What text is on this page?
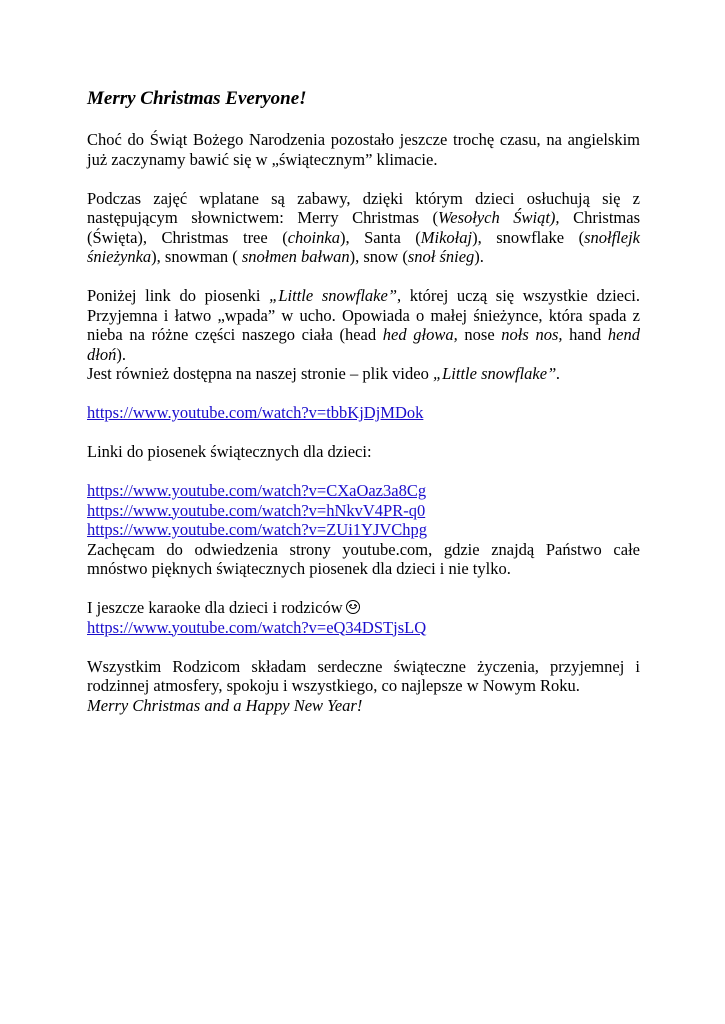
Merry Christmas Everyone!

Choć do Świąt Bożego Narodzenia pozostało jeszcze trochę czasu, na angielskim już zaczynamy bawić się w „świątecznym” klimacie.

Podczas zajęć wplatane są zabawy, dzięki którym dzieci osłuchują się z następującym słownictwem: Merry Christmas (Wesołych Świąt), Christmas (Święta), Christmas tree (choinka), Santa (Mikołaj), snowflake (snołflejk śnieżynka), snowman ( snołmen bałwan), snow (snoł śnieg).

Poniżej link do piosenki „Little snowflake”, której uczą się wszystkie dzieci. Przyjemna i łatwo „wpada” w ucho. Opowiada o małej śnieżynce, która spada z nieba na różne części naszego ciała (head hed głowa, nose nołs nos, hand hend dłoń).

Jest również dostępna na naszej stronie – plik video „Little snowflake”.

https://www.youtube.com/watch?v=tbbKjDjMDok

Linki do piosenek świątecznych dla dzieci:

https://www.youtube.com/watch?v=CXaOaz3a8Cg
https://www.youtube.com/watch?v=hNkvV4PR-q0
https://www.youtube.com/watch?v=ZUi1YJVChpg

Zachęcam do odwiedzenia strony youtube.com, gdzie znajdą Państwo całe mnóstwo pięknych świątecznych piosenek dla dzieci i nie tylko.

I jeszcze karaoke dla dzieci i rodziców
https://www.youtube.com/watch?v=eQ34DSTjsLQ

Wszystkim Rodzicom składam serdeczne świąteczne życzenia, przyjemnej i rodzinnej atmosfery, spokoju i wszystkiego, co najlepsze w Nowym Roku.

Merry Christmas and a Happy New Year!
